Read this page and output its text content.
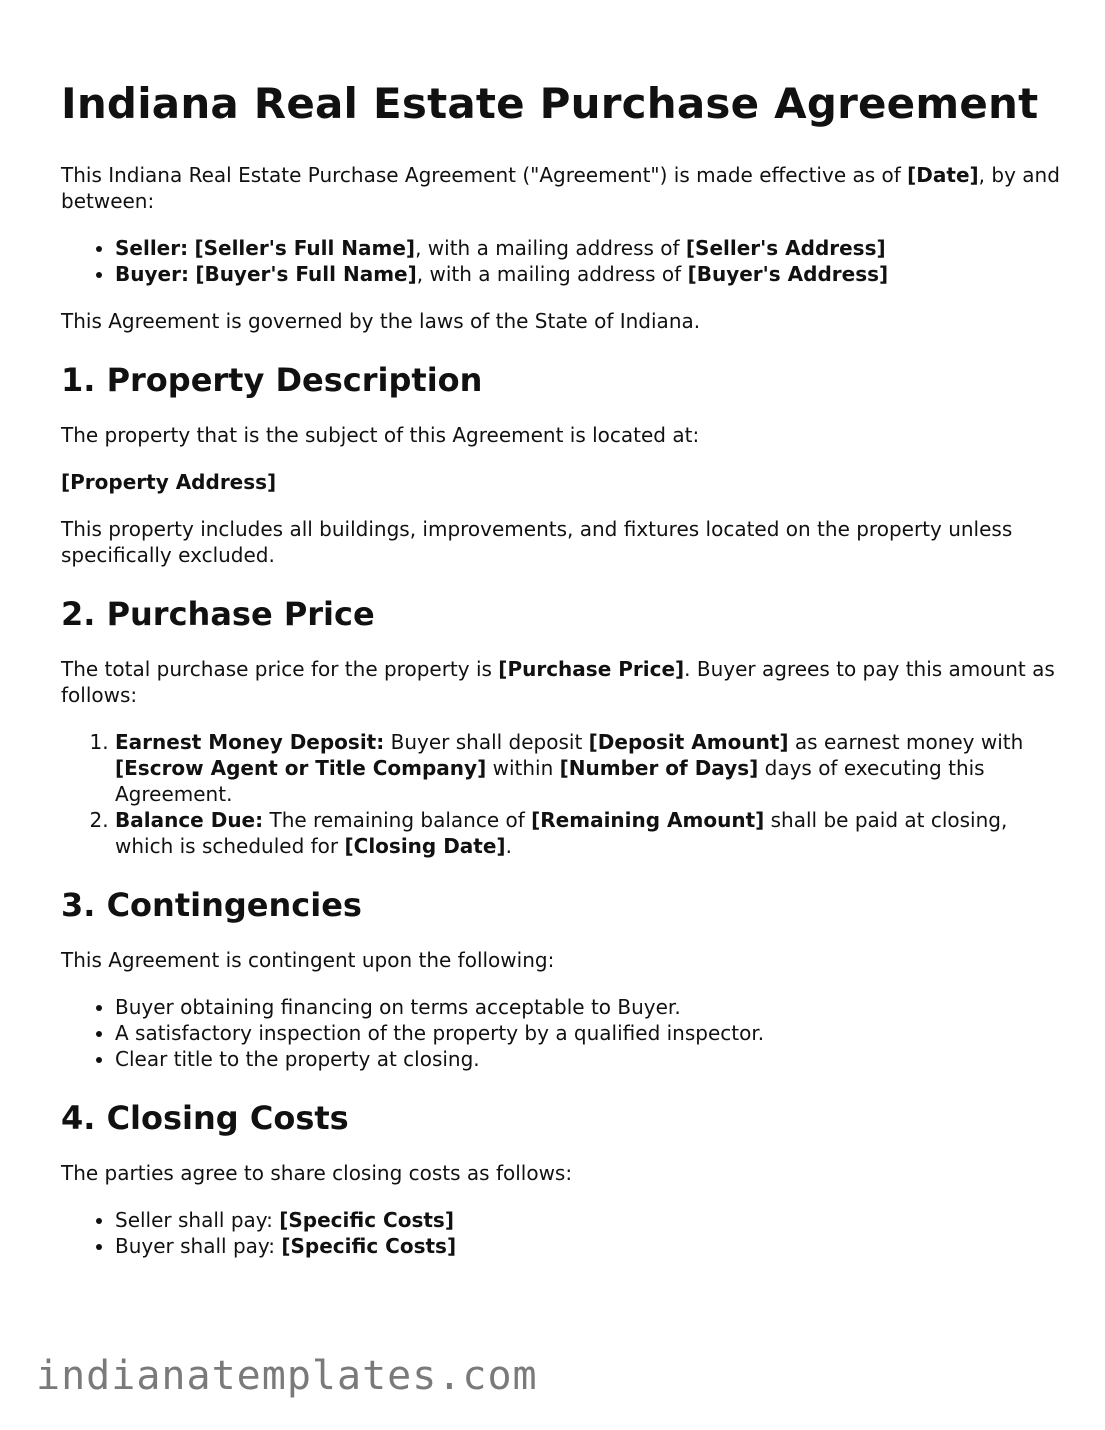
Indiana Real Estate Purchase Agreement

This Indiana Real Estate Purchase Agreement ("Agreement") is made effective as of [Date], by and between:

• Seller: [Seller's Full Name], with a mailing address of [Seller's Address]
• Buyer: [Buyer's Full Name], with a mailing address of [Buyer's Address]

This Agreement is governed by the laws of the State of Indiana.

1. Property Description

The property that is the subject of this Agreement is located at:

[Property Address]

This property includes all buildings, improvements, and fixtures located on the property unless specifically excluded.

2. Purchase Price

The total purchase price for the property is [Purchase Price]. Buyer agrees to pay this amount as follows:

1. Earnest Money Deposit: Buyer shall deposit [Deposit Amount] as earnest money with [Escrow Agent or Title Company] within [Number of Days] days of executing this Agreement.
2. Balance Due: The remaining balance of [Remaining Amount] shall be paid at closing, which is scheduled for [Closing Date].
3. Contingencies

This Agreement is contingent upon the following:

• Buyer obtaining financing on terms acceptable to Buyer.
• A satisfactory inspection of the property by a qualified inspector.
• Clear title to the property at closing.
4. Closing Costs

The parties agree to share closing costs as follows:

• Seller shall pay: [Specific Costs]
• Buyer shall pay: [Specific Costs]
indianatemplates.com
